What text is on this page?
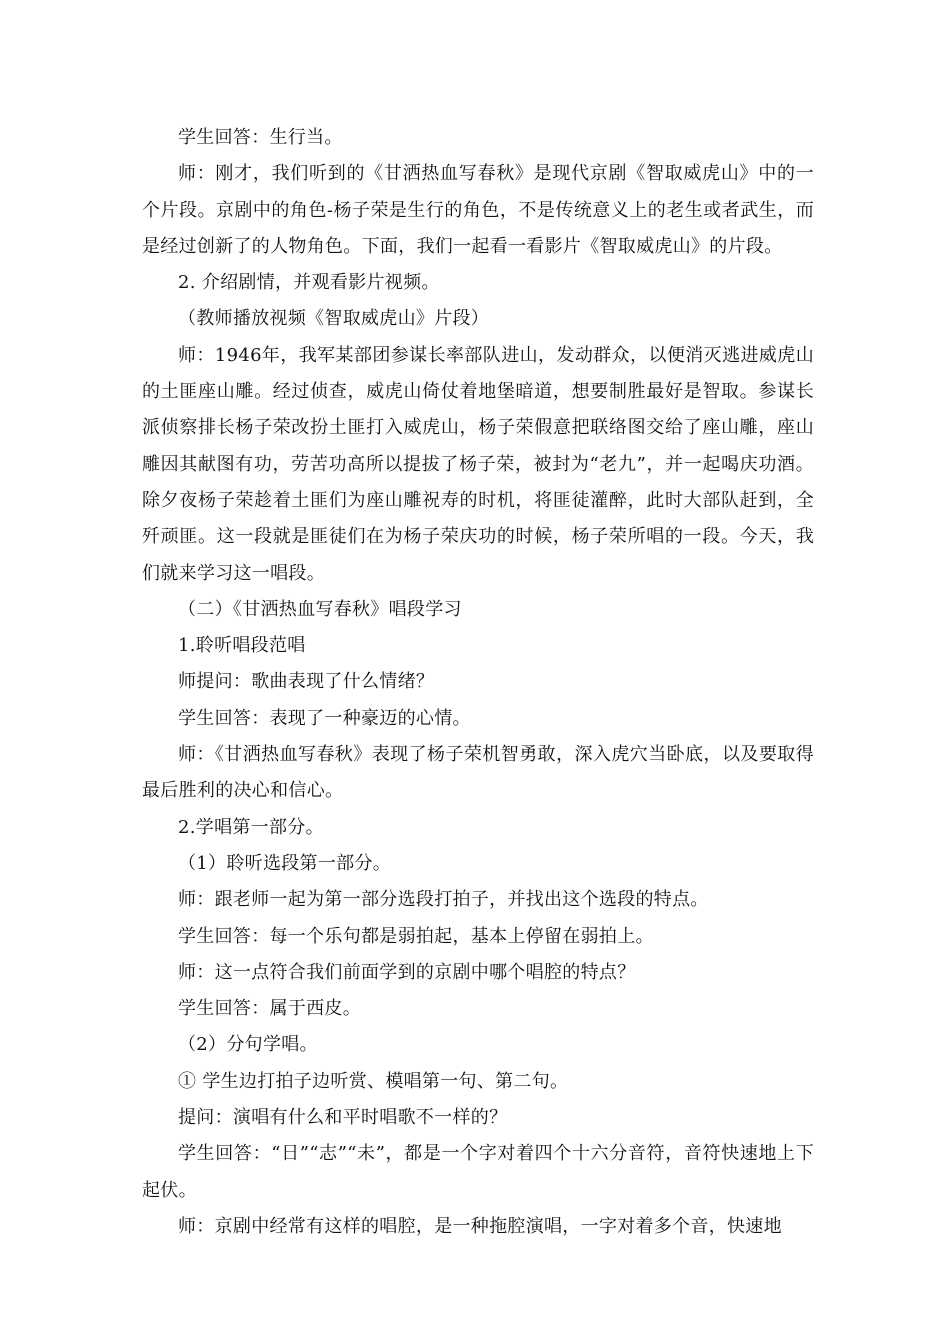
学生回答：生行当。

师：刚才，我们听到的《甘洒热血写春秋》是现代京剧《智取威虎山》中的一个片段。京剧中的角色-杨子荣是生行的角色，不是传统意义上的老生或者武生，而是经过创新了的人物角色。下面，我们一起看一看影片《智取威虎山》的片段。

2. 介绍剧情，并观看影片视频。

（教师播放视频《智取威虎山》片段）

师：1946年，我军某部团参谋长率部队进山，发动群众，以便消灭逃进威虎山的土匪座山雕。经过侦查，威虎山倚仗着地堡暗道，想要制胜最好是智取。参谋长派侦察排长杨子荣改扮土匪打入威虎山，杨子荣假意把联络图交给了座山雕，座山雕因其献图有功，劳苦功高所以提拔了杨子荣，被封为“老九”，并一起喝庆功酒。除夕夜杨子荣趁着土匪们为座山雕祝寿的时机，将匪徒灌醉，此时大部队赶到，全歼顽匪。这一段就是匪徒们在为杨子荣庆功的时候，杨子荣所唱的一段。今天，我们就来学习这一唱段。

（二）《甘洒热血写春秋》唱段学习

1.聆听唱段范唱

师提问：歌曲表现了什么情绪？

学生回答：表现了一种豪迈的心情。

师：《甘洒热血写春秋》表现了杨子荣机智勇敢，深入虎穴当卧底，以及要取得最后胜利的决心和信心。

2.学唱第一部分。

（1）聆听选段第一部分。

师：跟老师一起为第一部分选段打拍子，并找出这个选段的特点。

学生回答：每一个乐句都是弱拍起，基本上停留在弱拍上。

师：这一点符合我们前面学到的京剧中哪个唱腔的特点？

学生回答：属于西皮。

（2）分句学唱。

① 学生边打拍子边听赏、模唱第一句、第二句。

提问：演唱有什么和平时唱歌不一样的？

学生回答：“日”“志”“未”，都是一个字对着四个十六分音符，音符快速地上下起伏。

师：京剧中经常有这样的唱腔，是一种拖腔演唱，一字对着多个音，快速地
